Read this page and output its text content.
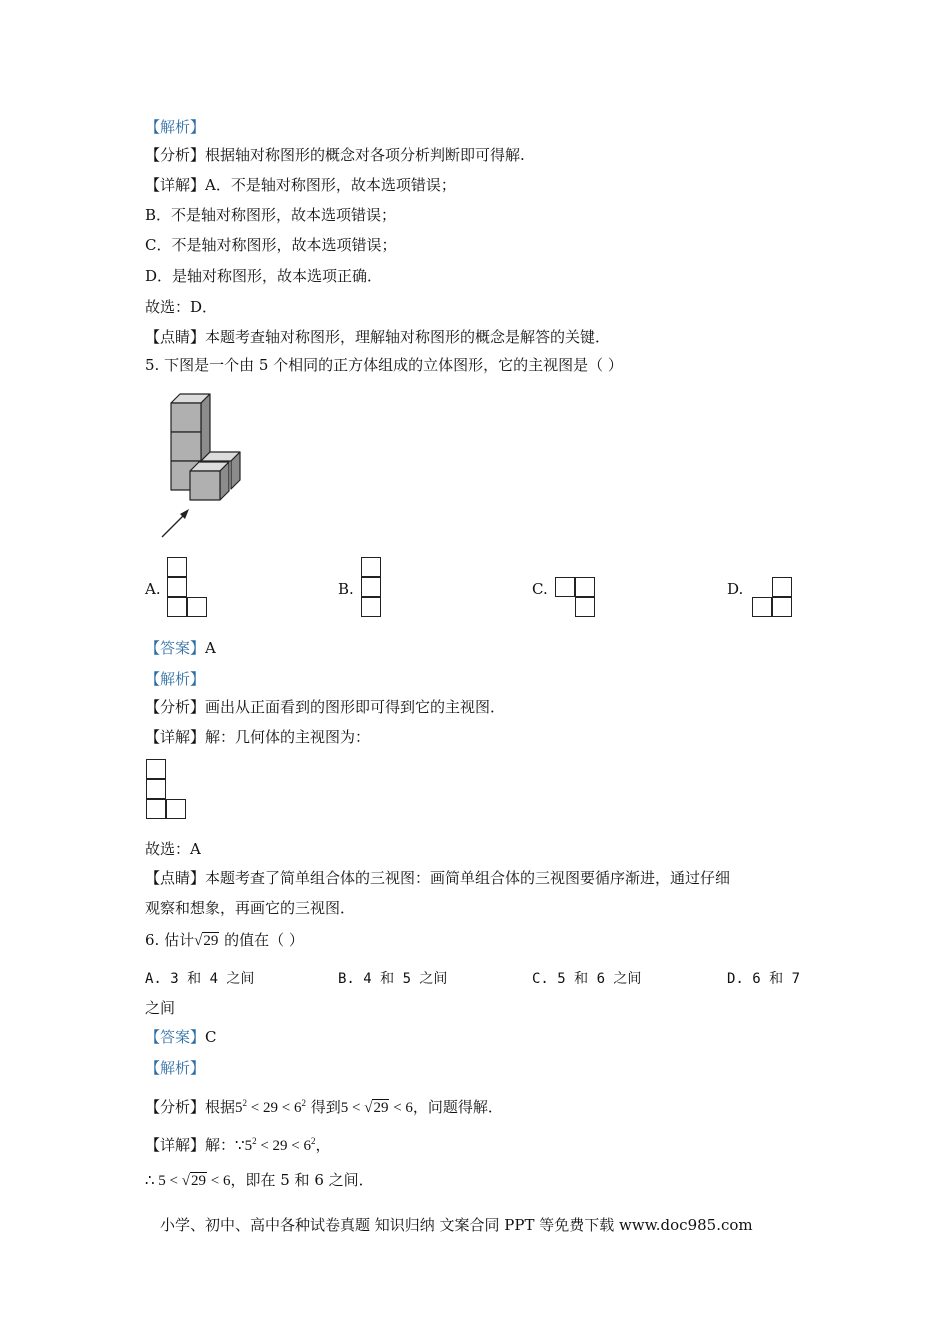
【解析】
【分析】根据轴对称图形的概念对各项分析判断即可得解.
【详解】A．不是轴对称图形，故本选项错误；
B．不是轴对称图形，故本选项错误；
C．不是轴对称图形，故本选项错误；
D．是轴对称图形，故本选项正确．
故选：D．
【点睛】本题考查轴对称图形，理解轴对称图形的概念是解答的关键．
5. 下图是一个由 5 个相同的正方体组成的立体图形，它的主视图是（ ）
A.	B.	C.	D.
【答案】A
【解析】
【分析】画出从正面看到的图形即可得到它的主视图．
【详解】解：几何体的主视图为：
故选：A
【点睛】本题考查了简单组合体的三视图：画简单组合体的三视图要循序渐进，通过仔细
观察和想象，再画它的三视图．
6. 估计√29 的值在（ ）
A. 3 和 4 之间	B. 4 和 5 之间	C. 5 和 6 之间	D. 6 和 7
之间
【答案】C
【解析】
【分析】根据$5^2 < 29 < 6^2$ 得到5 < √29 < 6，问题得解．
【详解】解：$\because 5^2 < 29 < 6^2$，
∴ 5 < √29 < 6，即在 5 和 6 之间．
小学、初中、高中各种试卷真题 知识归纳 文案合同 PPT 等免费下载 www.doc985.com
